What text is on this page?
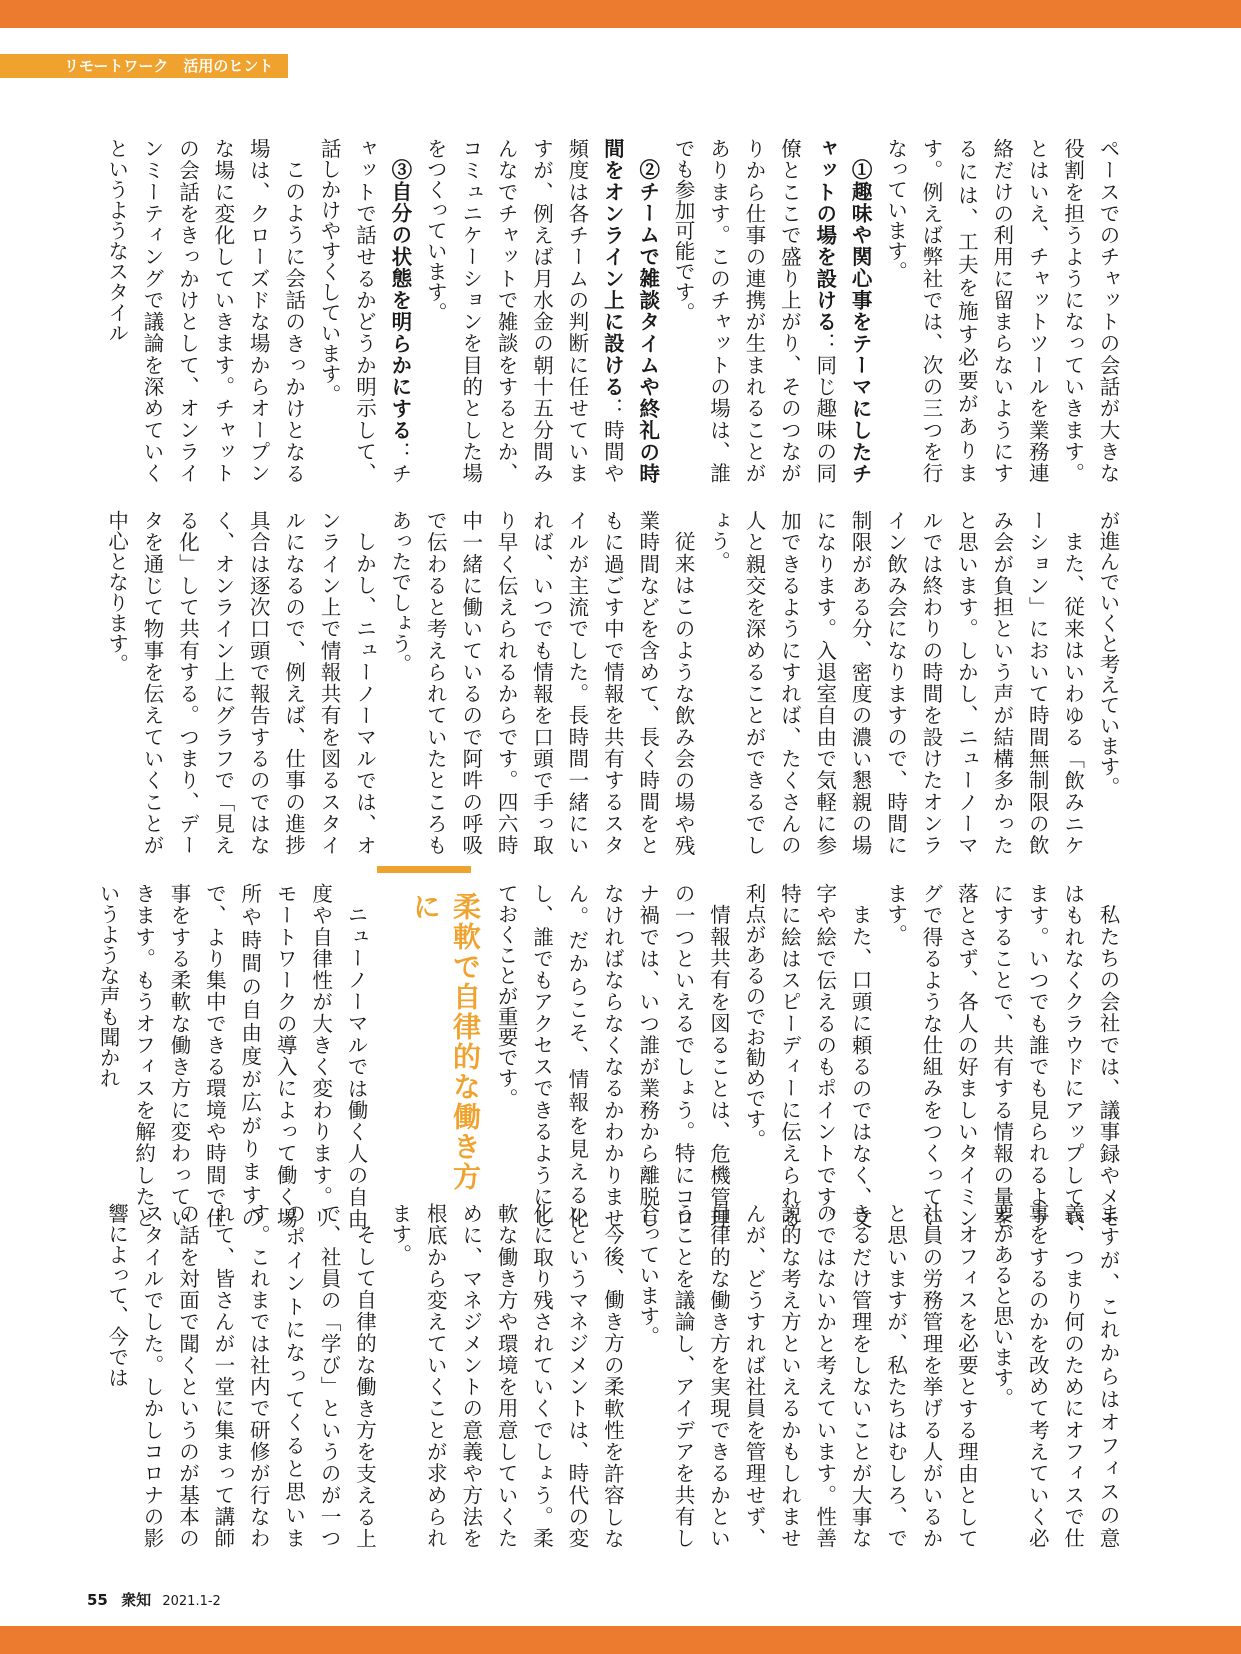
リモートワーク　活用のヒント

ペースでのチャットの会話が大きな役割を担うようになっていきます。とはいえ、チャットツールを業務連絡だけの利用に留まらないようにするには、工夫を施す必要があります。例えば弊社では、次の三つを行なっています。

①趣味や関心事をテーマにしたチャットの場を設ける：同じ趣味の同僚とここで盛り上がり、そのつながりから仕事の連携が生まれることがあります。このチャットの場は、誰でも参加可能です。

②チームで雑談タイムや終礼の時間をオンライン上に設ける：時間や頻度は各チームの判断に任せていますが、例えば月水金の朝十五分間みんなでチャットで雑談をするとか、コミュニケーションを目的とした場をつくっています。

③自分の状態を明らかにする：チャットで話せるかどうか明示して、話しかけやすくしています。

このように会話のきっかけとなる場は、クローズドな場からオープンな場に変化していきます。チャットの会話をきっかけとして、オンラインミーティングで議論を深めていくというようなスタイル

が進んでいくと考えています。

また、従来はいわゆる「飲みニケーション」において時間無制限の飲み会が負担という声が結構多かったと思います。しかし、ニューノーマルでは終わりの時間を設けたオンライン飲み会になりますので、時間に制限がある分、密度の濃い懇親の場になります。入退室自由で気軽に参加できるようにすれば、たくさんの人と親交を深めることができるでしょう。

従来はこのような飲み会の場や残業時間などを含めて、長く時間をともに過ごす中で情報を共有するスタイルが主流でした。長時間一緒にいれば、いつでも情報を口頭で手っ取り早く伝えられるからです。四六時中一緒に働いているので阿吽の呼吸で伝わると考えられていたところもあったでしょう。

しかし、ニューノーマルでは、オンライン上で情報共有を図るスタイルになるので、例えば、仕事の進捗具合は逐次口頭で報告するのではなく、オンライン上にグラフで「見える化」して共有する。つまり、データを通じて物事を伝えていくことが中心となります。

私たちの会社では、議事録やメモはもれなくクラウドにアップしています。いつでも誰でも見られるようにすることで、共有する情報の量を落とさず、各人の好ましいタイミングで得るような仕組みをつくっています。

また、口頭に頼るのではなく、文字や絵で伝えるのもポイントです。特に絵はスピーディーに伝えられる利点があるのでお勧めです。

情報共有を図ることは、危機管理の一つといえるでしょう。特にコロナ禍では、いつ誰が業務から離脱しなければならなくなるかわかりません。だからこそ、情報を見える化し、誰でもアクセスできるようにしておくことが重要です。

柔軟で自律的な働き方に

ニューノーマルでは働く人の自由度や自律性が大きく変わります。リモートワークの導入によって働く場所や時間の自由度が広がりますので、より集中できる環境や時間で仕事をする柔軟な働き方に変わっていきます。もうオフィスを解約したというような声も聞かれ

ますが、これからはオフィスの意義、つまり何のためにオフィスで仕事をするのかを改めて考えていく必要があると思います。

オフィスを必要とする理由として社員の労務管理を挙げる人がいるかと思いますが、私たちはむしろ、できるだけ管理をしないことが大事なのではないかと考えています。性善説的な考え方といえるかもしれませんが、どうすれば社員を管理せず、自律的な働き方を実現できるかということを議論し、アイデアを共有し合っています。

今後、働き方の柔軟性を許容しないというマネジメントは、時代の変化に取り残されていくでしょう。柔軟な働き方や環境を用意していくために、マネジメントの意義や方法を根底から変えていくことが求められます。

そして自律的な働き方を支える上で、社員の「学び」というのが一つのポイントになってくると思います。これまでは社内で研修が行なわれて、皆さんが一堂に集まって講師の話を対面で聞くというのが基本のスタイルでした。しかしコロナの影響によって、今では

55 衆知 2021.1-2
